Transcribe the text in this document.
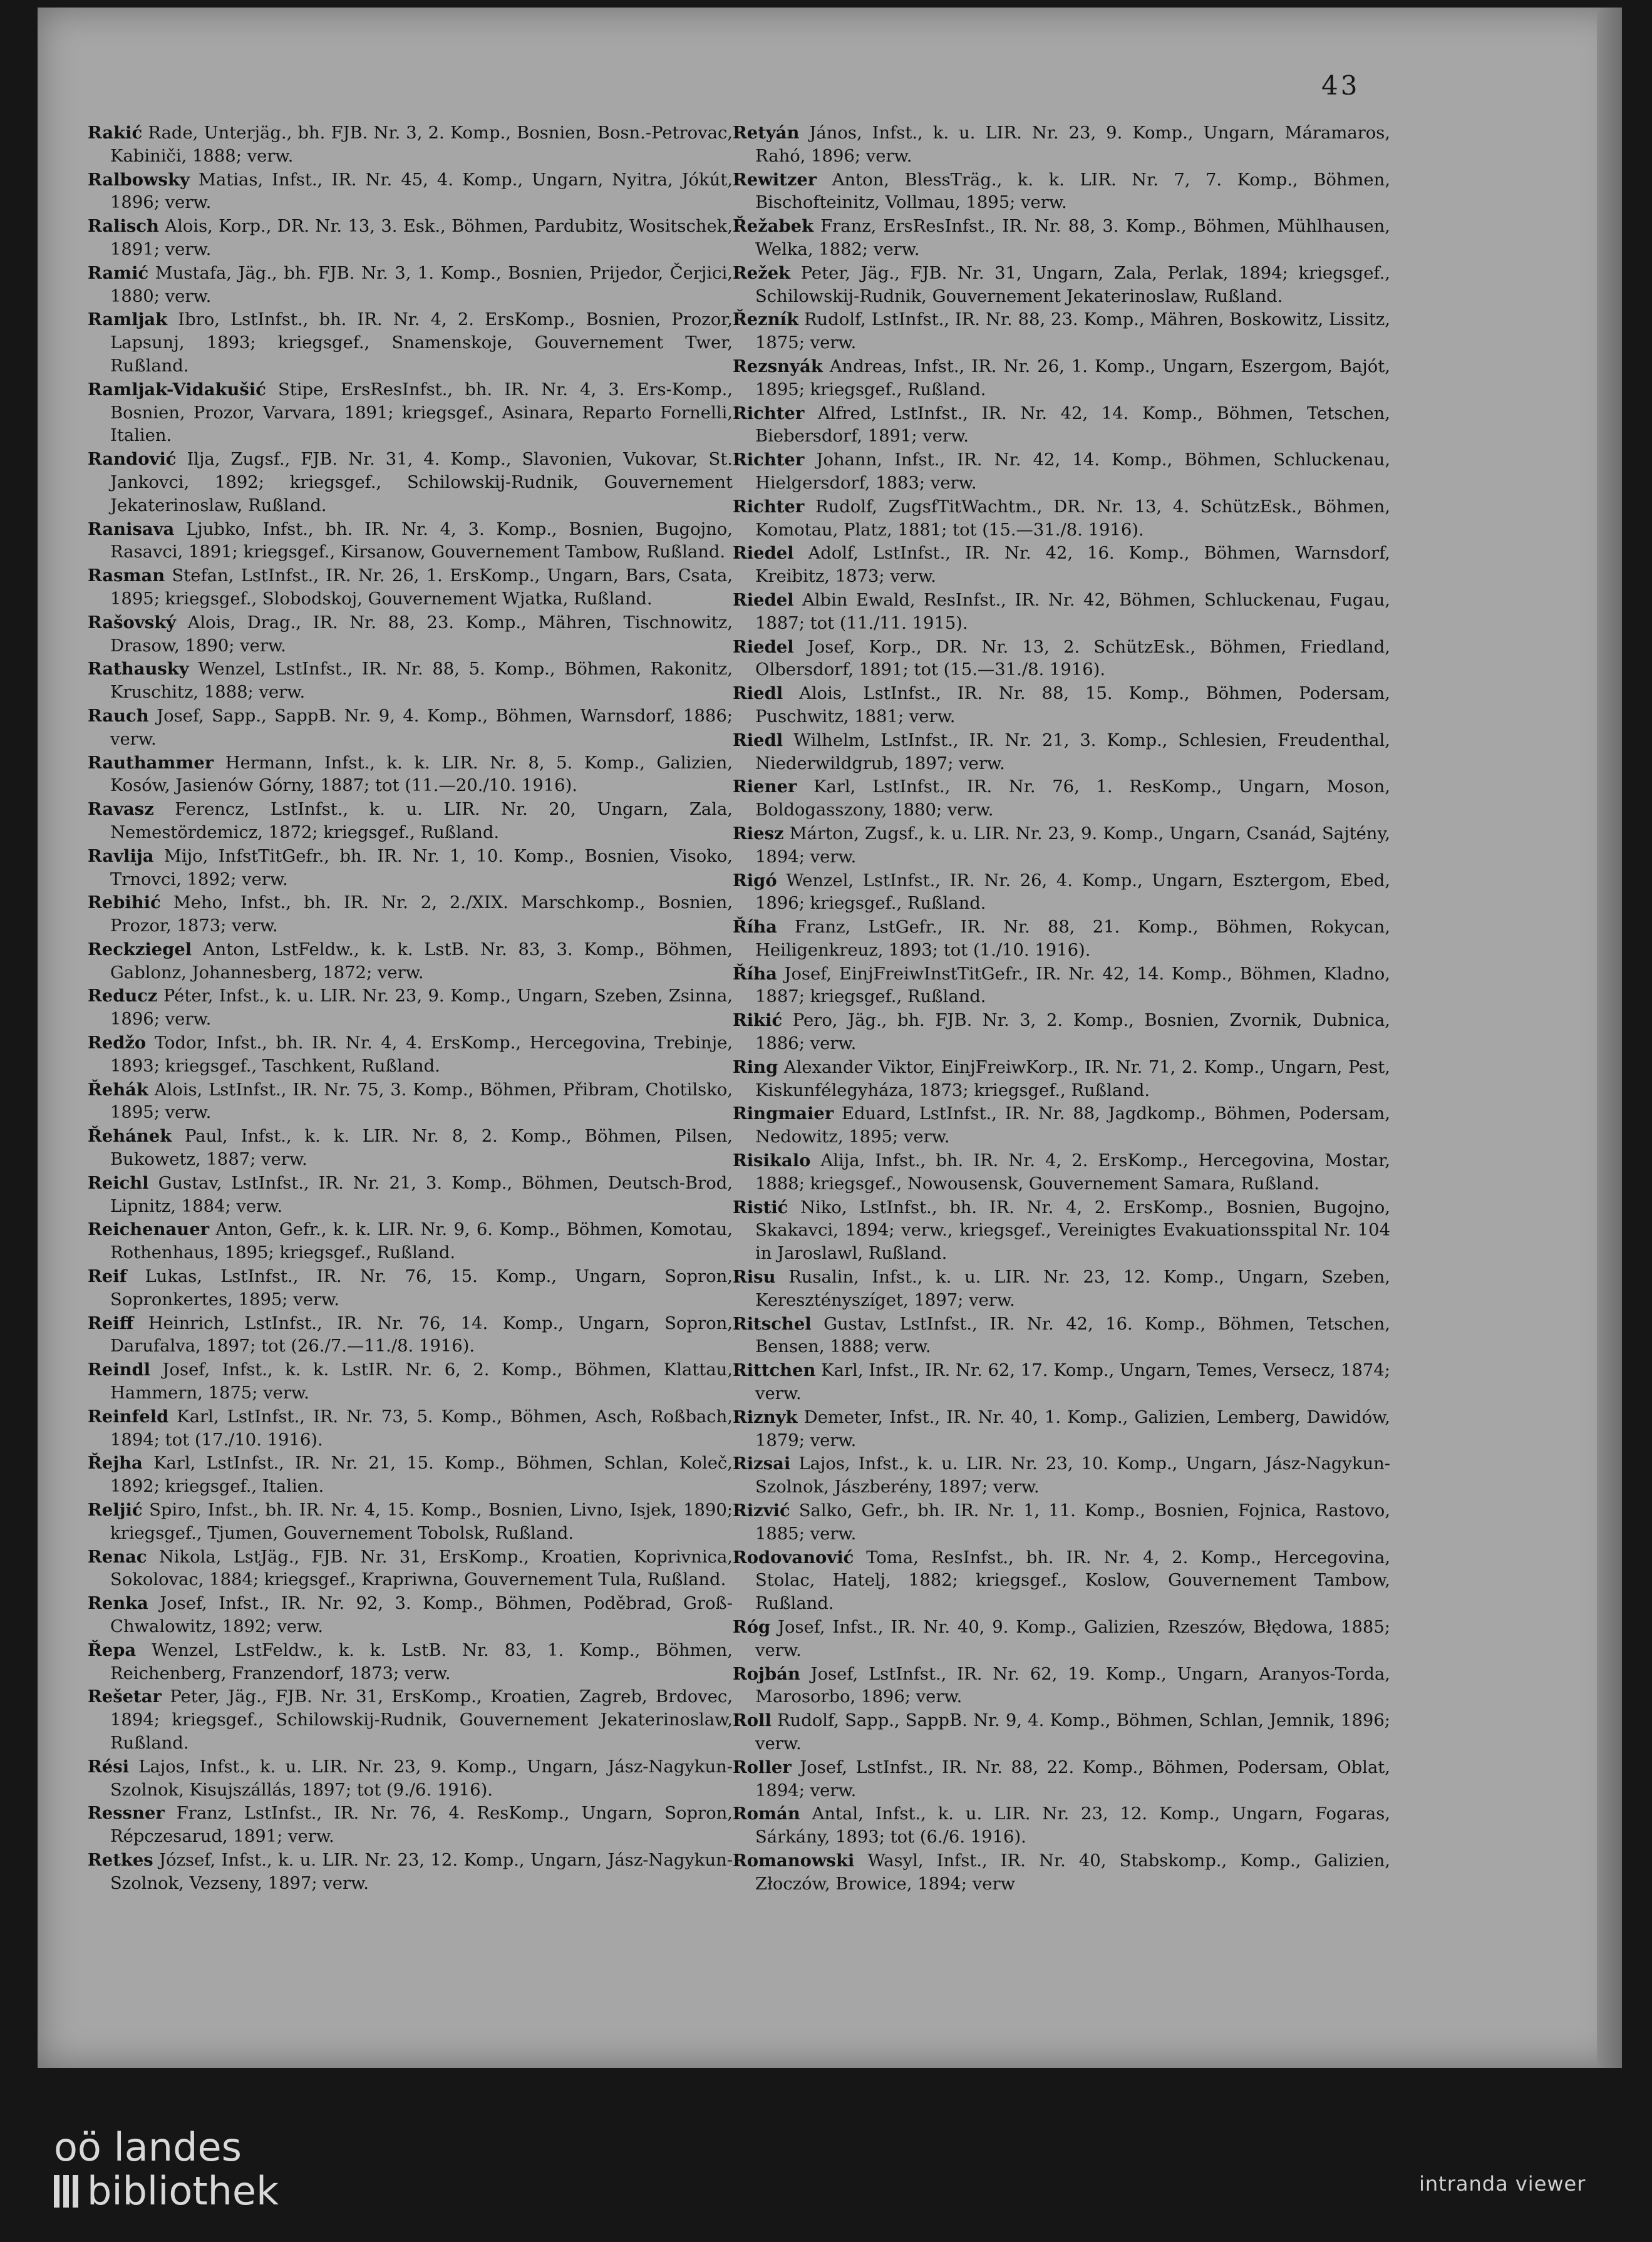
43
Rakić Rade, Unterjäg., bh. FJB. Nr. 3, 2. Komp., Bosnien, Bosn.-Petrovac, Kabiniči, 1888; verw.
Ralbowsky Matias, Infst., IR. Nr. 45, 4. Komp., Ungarn, Nyitra, Jókút, 1896; verw.
Ralisch Alois, Korp., DR. Nr. 13, 3. Esk., Böhmen, Pardubitz, Wositschek, 1891; verw.
Ramić Mustafa, Jäg., bh. FJB. Nr. 3, 1. Komp., Bosnien, Prijedor, Čerjici, 1880; verw.
Ramljak Ibro, LstInfst., bh. IR. Nr. 4, 2. ErsKomp., Bosnien, Prozor, Lapsunj, 1893; kriegsgef., Snamenskoje, Gouvernement Twer, Rußland.
Ramljak-Vidakušić Stipe, ErsResInfst., bh. IR. Nr. 4, 3. Ers-Komp., Bosnien, Prozor, Varvara, 1891; kriegsgef., Asinara, Reparto Fornelli, Italien.
Randović Ilja, Zugsf., FJB. Nr. 31, 4. Komp., Slavonien, Vukovar, St. Jankovci, 1892; kriegsgef., Schilowskij-Rudnik, Gouvernement Jekaterinoslaw, Rußland.
Ranisava Ljubko, Infst., bh. IR. Nr. 4, 3. Komp., Bosnien, Bugojno, Rasavci, 1891; kriegsgef., Kirsanow, Gouvernement Tambow, Rußland.
Rasman Stefan, LstInfst., IR. Nr. 26, 1. ErsKomp., Ungarn, Bars, Csata, 1895; kriegsgef., Slobodskoj, Gouvernement Wjatka, Rußland.
Rašovský Alois, Drag., IR. Nr. 88, 23. Komp., Mähren, Tischnowitz, Drasow, 1890; verw.
Rathausky Wenzel, LstInfst., IR. Nr. 88, 5. Komp., Böhmen, Rakonitz, Kruschitz, 1888; verw.
Rauch Josef, Sapp., SappB. Nr. 9, 4. Komp., Böhmen, Warnsdorf, 1886; verw.
Rauthammer Hermann, Infst., k. k. LIR. Nr. 8, 5. Komp., Galizien, Kosów, Jasienów Górny, 1887; tot (11.—20./10. 1916).
Ravasz Ferencz, LstInfst., k. u. LIR. Nr. 20, Ungarn, Zala, Nemestördemicz, 1872; kriegsgef., Rußland.
Ravlija Mijo, InfstTitGefr., bh. IR. Nr. 1, 10. Komp., Bosnien, Visoko, Trnovci, 1892; verw.
Rebihić Meho, Infst., bh. IR. Nr. 2, 2./XIX. Marschkomp., Bosnien, Prozor, 1873; verw.
Reckziegel Anton, LstFeldw., k. k. LstB. Nr. 83, 3. Komp., Böhmen, Gablonz, Johannesberg, 1872; verw.
Reducz Péter, Infst., k. u. LIR. Nr. 23, 9. Komp., Ungarn, Szeben, Zsinna, 1896; verw.
Redžo Todor, Infst., bh. IR. Nr. 4, 4. ErsKomp., Hercegovina, Trebinje, 1893; kriegsgef., Taschkent, Rußland.
Řehák Alois, LstInfst., IR. Nr. 75, 3. Komp., Böhmen, Přibram, Chotilsko, 1895; verw.
Řehánek Paul, Infst., k. k. LIR. Nr. 8, 2. Komp., Böhmen, Pilsen, Bukowetz, 1887; verw.
Reichl Gustav, LstInfst., IR. Nr. 21, 3. Komp., Böhmen, Deutsch-Brod, Lipnitz, 1884; verw.
Reichenauer Anton, Gefr., k. k. LIR. Nr. 9, 6. Komp., Böhmen, Komotau, Rothenhaus, 1895; kriegsgef., Rußland.
Reif Lukas, LstInfst., IR. Nr. 76, 15. Komp., Ungarn, Sopron, Sopronkertes, 1895; verw.
Reiff Heinrich, LstInfst., IR. Nr. 76, 14. Komp., Ungarn, Sopron, Darufalva, 1897; tot (26./7.—11./8. 1916).
Reindl Josef, Infst., k. k. LstIR. Nr. 6, 2. Komp., Böhmen, Klattau, Hammern, 1875; verw.
Reinfeld Karl, LstInfst., IR. Nr. 73, 5. Komp., Böhmen, Asch, Roßbach, 1894; tot (17./10. 1916).
Řejha Karl, LstInfst., IR. Nr. 21, 15. Komp., Böhmen, Schlan, Koleč, 1892; kriegsgef., Italien.
Reljić Spiro, Infst., bh. IR. Nr. 4, 15. Komp., Bosnien, Livno, Isjek, 1890; kriegsgef., Tjumen, Gouvernement Tobolsk, Rußland.
Renac Nikola, LstJäg., FJB. Nr. 31, ErsKomp., Kroatien, Koprivnica, Sokolovac, 1884; kriegsgef., Krapriwna, Gouvernement Tula, Rußland.
Renka Josef, Infst., IR. Nr. 92, 3. Komp., Böhmen, Poděbrad, Groß-Chwalowitz, 1892; verw.
Řepa Wenzel, LstFeldw., k. k. LstB. Nr. 83, 1. Komp., Böhmen, Reichenberg, Franzendorf, 1873; verw.
Rešetar Peter, Jäg., FJB. Nr. 31, ErsKomp., Kroatien, Zagreb, Brdovec, 1894; kriegsgef., Schilowskij-Rudnik, Gouvernement Jekaterinoslaw, Rußland.
Rési Lajos, Infst., k. u. LIR. Nr. 23, 9. Komp., Ungarn, Jász-Nagykun-Szolnok, Kisujszállás, 1897; tot (9./6. 1916).
Ressner Franz, LstInfst., IR. Nr. 76, 4. ResKomp., Ungarn, Sopron, Répczesarud, 1891; verw.
Retkes József, Infst., k. u. LIR. Nr. 23, 12. Komp., Ungarn, Jász-Nagykun-Szolnok, Vezseny, 1897; verw.
Retyán János, Infst., k. u. LIR. Nr. 23, 9. Komp., Ungarn, Máramaros, Rahó, 1896; verw.
Rewitzer Anton, BlessTräg., k. k. LIR. Nr. 7, 7. Komp., Böhmen, Bischofteinitz, Vollmau, 1895; verw.
Řežabek Franz, ErsResInfst., IR. Nr. 88, 3. Komp., Böhmen, Mühlhausen, Welka, 1882; verw.
Režek Peter, Jäg., FJB. Nr. 31, Ungarn, Zala, Perlak, 1894; kriegsgef., Schilowskij-Rudnik, Gouvernement Jekaterinoslaw, Rußland.
Řezník Rudolf, LstInfst., IR. Nr. 88, 23. Komp., Mähren, Boskowitz, Lissitz, 1875; verw.
Rezsnyák Andreas, Infst., IR. Nr. 26, 1. Komp., Ungarn, Eszergom, Bajót, 1895; kriegsgef., Rußland.
Richter Alfred, LstInfst., IR. Nr. 42, 14. Komp., Böhmen, Tetschen, Biebersdorf, 1891; verw.
Richter Johann, Infst., IR. Nr. 42, 14. Komp., Böhmen, Schluckenau, Hielgersdorf, 1883; verw.
Richter Rudolf, ZugsfTitWachtm., DR. Nr. 13, 4. SchützEsk., Böhmen, Komotau, Platz, 1881; tot (15.—31./8. 1916).
Riedel Adolf, LstInfst., IR. Nr. 42, 16. Komp., Böhmen, Warnsdorf, Kreibitz, 1873; verw.
Riedel Albin Ewald, ResInfst., IR. Nr. 42, Böhmen, Schluckenau, Fugau, 1887; tot (11./11. 1915).
Riedel Josef, Korp., DR. Nr. 13, 2. SchützEsk., Böhmen, Friedland, Olbersdorf, 1891; tot (15.—31./8. 1916).
Riedl Alois, LstInfst., IR. Nr. 88, 15. Komp., Böhmen, Podersam, Puschwitz, 1881; verw.
Riedl Wilhelm, LstInfst., IR. Nr. 21, 3. Komp., Schlesien, Freudenthal, Niederwildgrub, 1897; verw.
Riener Karl, LstInfst., IR. Nr. 76, 1. ResKomp., Ungarn, Moson, Boldogasszony, 1880; verw.
Riesz Márton, Zugsf., k. u. LIR. Nr. 23, 9. Komp., Ungarn, Csanád, Sajtény, 1894; verw.
Rigó Wenzel, LstInfst., IR. Nr. 26, 4. Komp., Ungarn, Esztergom, Ebed, 1896; kriegsgef., Rußland.
Říha Franz, LstGefr., IR. Nr. 88, 21. Komp., Böhmen, Rokycan, Heiligenkreuz, 1893; tot (1./10. 1916).
Říha Josef, EinjFreiwInstTitGefr., IR. Nr. 42, 14. Komp., Böhmen, Kladno, 1887; kriegsgef., Rußland.
Rikić Pero, Jäg., bh. FJB. Nr. 3, 2. Komp., Bosnien, Zvornik, Dubnica, 1886; verw.
Ring Alexander Viktor, EinjFreiwKorp., IR. Nr. 71, 2. Komp., Ungarn, Pest, Kiskunfélegyháza, 1873; kriegsgef., Rußland.
Ringmaier Eduard, LstInfst., IR. Nr. 88, Jagdkomp., Böhmen, Podersam, Nedowitz, 1895; verw.
Risikalo Alija, Infst., bh. IR. Nr. 4, 2. ErsKomp., Hercegovina, Mostar, 1888; kriegsgef., Nowousensk, Gouvernement Samara, Rußland.
Ristić Niko, LstInfst., bh. IR. Nr. 4, 2. ErsKomp., Bosnien, Bugojno, Skakavci, 1894; verw., kriegsgef., Vereinigtes Evakuationsspital Nr. 104 in Jaroslawl, Rußland.
Risu Rusalin, Infst., k. u. LIR. Nr. 23, 12. Komp., Ungarn, Szeben, Keresztényszíget, 1897; verw.
Ritschel Gustav, LstInfst., IR. Nr. 42, 16. Komp., Böhmen, Tetschen, Bensen, 1888; verw.
Rittchen Karl, Infst., IR. Nr. 62, 17. Komp., Ungarn, Temes, Versecz, 1874; verw.
Riznyk Demeter, Infst., IR. Nr. 40, 1. Komp., Galizien, Lemberg, Dawidów, 1879; verw.
Rizsai Lajos, Infst., k. u. LIR. Nr. 23, 10. Komp., Ungarn, Jász-Nagykun-Szolnok, Jászberény, 1897; verw.
Rizvić Salko, Gefr., bh. IR. Nr. 1, 11. Komp., Bosnien, Fojnica, Rastovo, 1885; verw.
Rodovanović Toma, ResInfst., bh. IR. Nr. 4, 2. Komp., Hercegovina, Stolac, Hatelj, 1882; kriegsgef., Koslow, Gouvernement Tambow, Rußland.
Róg Josef, Infst., IR. Nr. 40, 9. Komp., Galizien, Rzeszów, Błędowa, 1885; verw.
Rojbán Josef, LstInfst., IR. Nr. 62, 19. Komp., Ungarn, Aranyos-Torda, Marosorbo, 1896; verw.
Roll Rudolf, Sapp., SappB. Nr. 9, 4. Komp., Böhmen, Schlan, Jemnik, 1896; verw.
Roller Josef, LstInfst., IR. Nr. 88, 22. Komp., Böhmen, Podersam, Oblat, 1894; verw.
Román Antal, Infst., k. u. LIR. Nr. 23, 12. Komp., Ungarn, Fogaras, Sárkány, 1893; tot (6./6. 1916).
Romanowski Wasyl, Infst., IR. Nr. 40, Stabskomp., Komp., Galizien, Złoczów, Browice, 1894; verw
oö landes
bibliothek	intranda viewer
